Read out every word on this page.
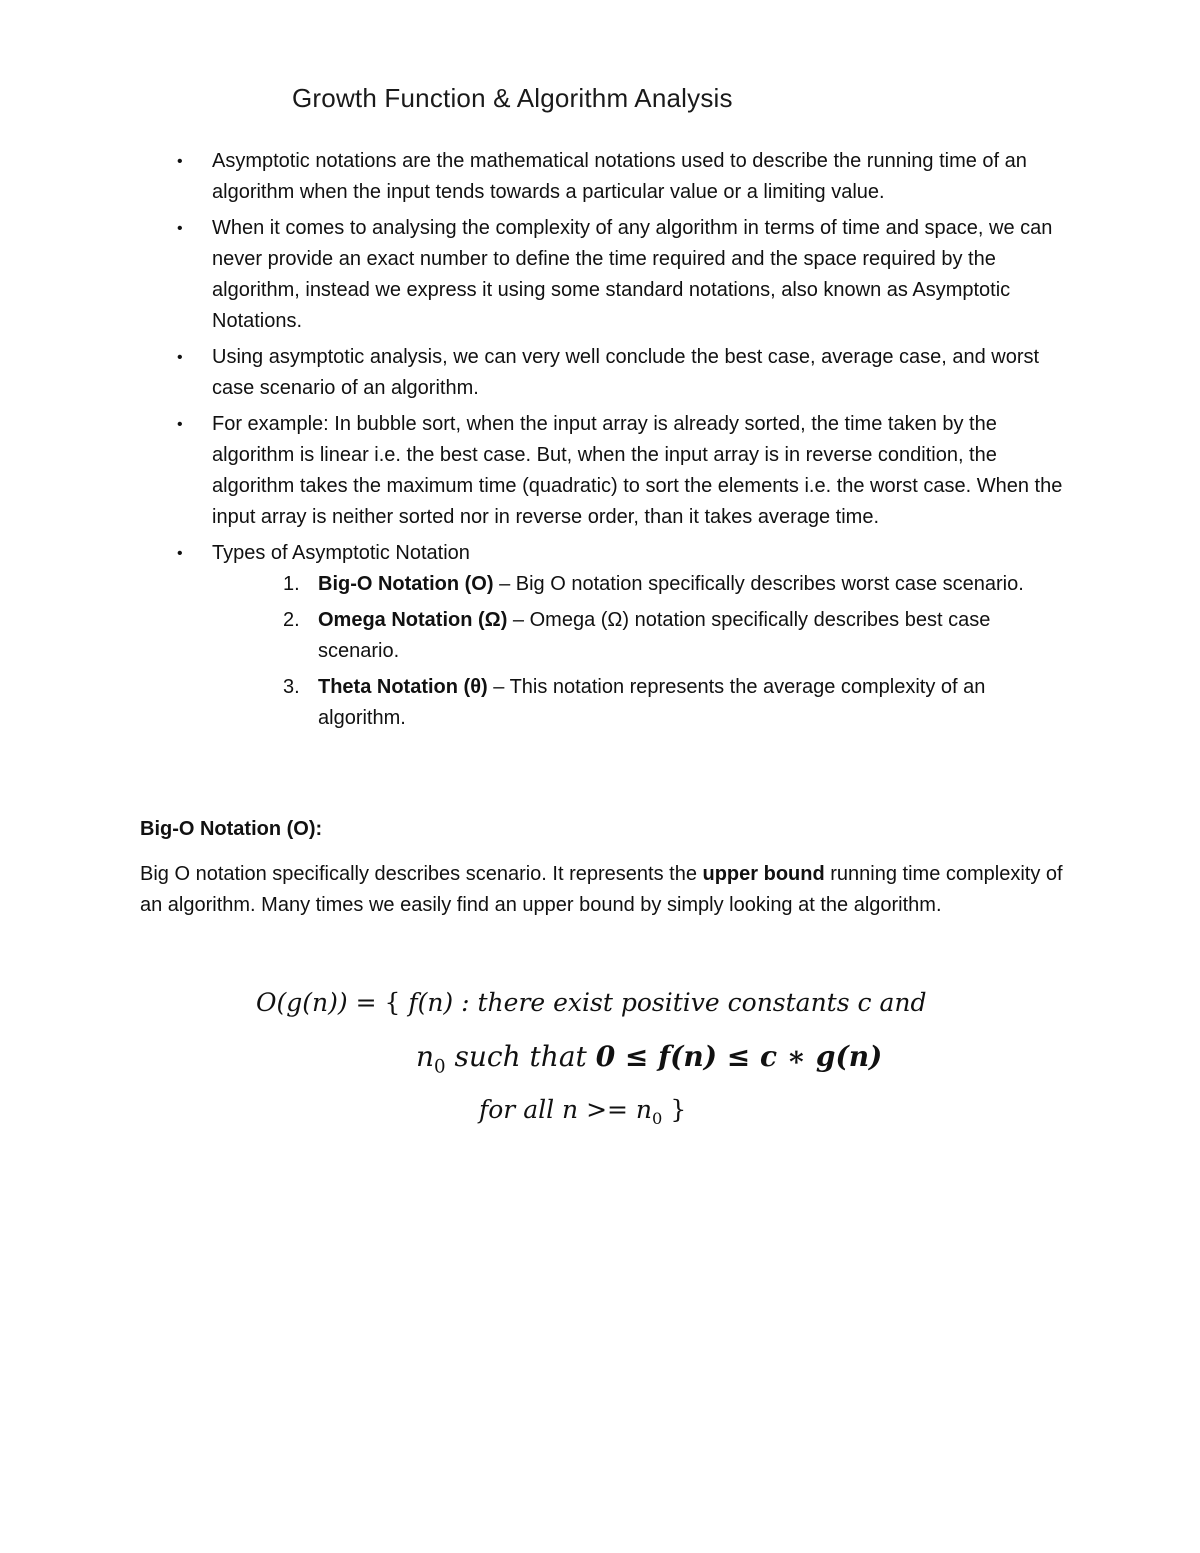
Growth Function & Algorithm Analysis
• Asymptotic notations are the mathematical notations used to describe the running time of an algorithm when the input tends towards a particular value or a limiting value.
• When it comes to analysing the complexity of any algorithm in terms of time and space, we can never provide an exact number to define the time required and the space required by the algorithm, instead we express it using some standard notations, also known as Asymptotic Notations.
• Using asymptotic analysis, we can very well conclude the best case, average case, and worst case scenario of an algorithm.
• For example: In bubble sort, when the input array is already sorted, the time taken by the algorithm is linear i.e. the best case. But, when the input array is in reverse condition, the algorithm takes the maximum time (quadratic) to sort the elements i.e. the worst case. When the input array is neither sorted nor in reverse order, than it takes average time.
• Types of Asymptotic Notation
1. Big-O Notation (O) – Big O notation specifically describes worst case scenario.
2. Omega Notation (Ω) – Omega (Ω) notation specifically describes best case scenario.
3. Theta Notation (θ) – This notation represents the average complexity of an algorithm.
Big-O Notation (O):

Big O notation specifically describes scenario. It represents the upper bound running time complexity of an algorithm. Many times we easily find an upper bound by simply looking at the algorithm.

O(g(n)) = { f(n) : there exist positive constants c and
$n_0$ such that 0 ≤ f(n) ≤ c ∗ g(n)
for all $n >= n_0$ }
